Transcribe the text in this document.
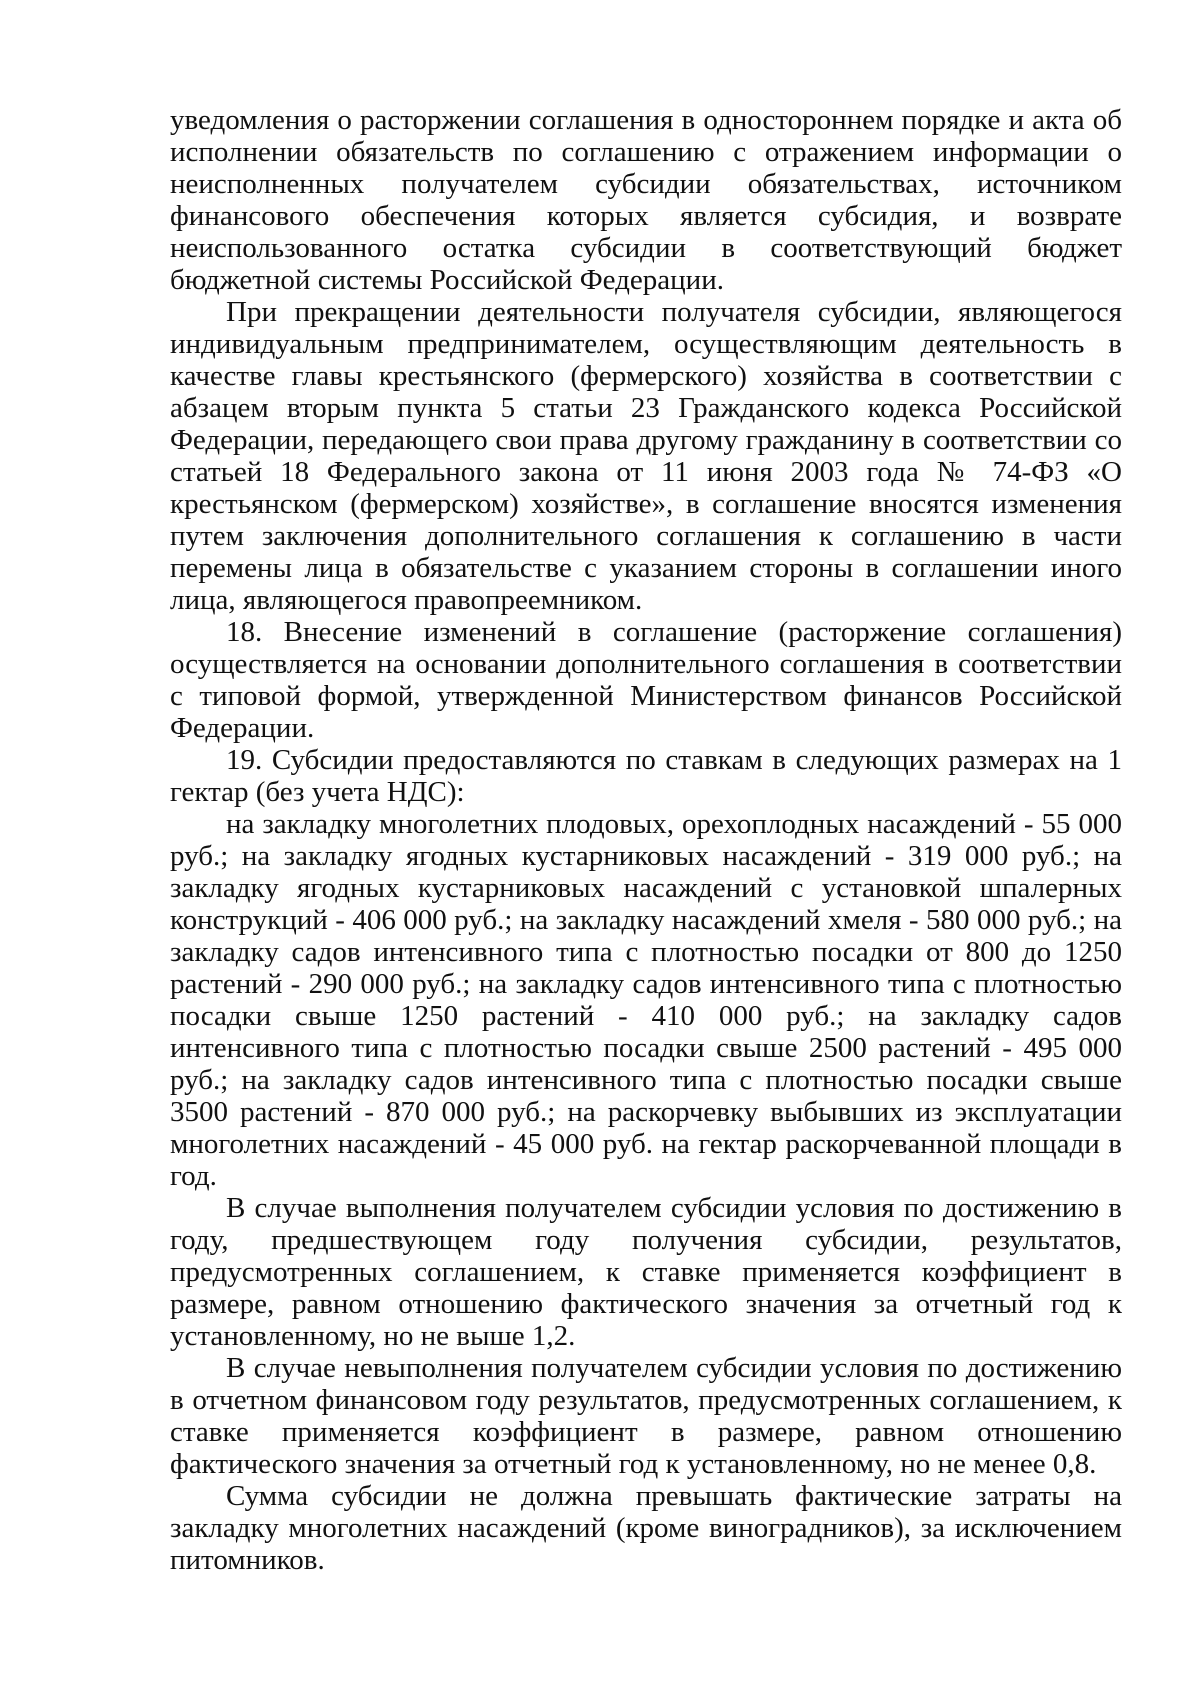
уведомления о расторжении соглашения в одностороннем порядке и акта об исполнении обязательств по соглашению с отражением информации о неисполненных получателем субсидии обязательствах, источником финансового обеспечения которых является субсидия, и возврате неиспользованного остатка субсидии в соответствующий бюджет бюджетной системы Российской Федерации.

При прекращении деятельности получателя субсидии, являющегося индивидуальным предпринимателем, осуществляющим деятельность в качестве главы крестьянского (фермерского) хозяйства в соответствии с абзацем вторым пункта 5 статьи 23 Гражданского кодекса Российской Федерации, передающего свои права другому гражданину в соответствии со статьей 18 Федерального закона от 11 июня 2003 года № 74-ФЗ «О крестьянском (фермерском) хозяйстве», в соглашение вносятся изменения путем заключения дополнительного соглашения к соглашению в части перемены лица в обязательстве с указанием стороны в соглашении иного лица, являющегося правопреемником.

18. Внесение изменений в соглашение (расторжение соглашения) осуществляется на основании дополнительного соглашения в соответствии с типовой формой, утвержденной Министерством финансов Российской Федерации.

19. Субсидии предоставляются по ставкам в следующих размерах на 1 гектар (без учета НДС):

на закладку многолетних плодовых, орехоплодных насаждений - 55 000 руб.; на закладку ягодных кустарниковых насаждений - 319 000 руб.; на закладку ягодных кустарниковых насаждений с установкой шпалерных конструкций - 406 000 руб.; на закладку насаждений хмеля - 580 000 руб.; на закладку садов интенсивного типа с плотностью посадки от 800 до 1250 растений - 290 000 руб.; на закладку садов интенсивного типа с плотностью посадки свыше 1250 растений - 410 000 руб.; на закладку садов интенсивного типа с плотностью посадки свыше 2500 растений - 495 000 руб.; на закладку садов интенсивного типа с плотностью посадки свыше 3500 растений - 870 000 руб.; на раскорчевку выбывших из эксплуатации многолетних насаждений - 45 000 руб. на гектар раскорчеванной площади в год.

В случае выполнения получателем субсидии условия по достижению в году, предшествующем году получения субсидии, результатов, предусмотренных соглашением, к ставке применяется коэффициент в размере, равном отношению фактического значения за отчетный год к установленному, но не выше 1,2.

В случае невыполнения получателем субсидии условия по достижению в отчетном финансовом году результатов, предусмотренных соглашением, к ставке применяется коэффициент в размере, равном отношению фактического значения за отчетный год к установленному, но не менее 0,8.

Сумма субсидии не должна превышать фактические затраты на закладку многолетних насаждений (кроме виноградников), за исключением питомников.
